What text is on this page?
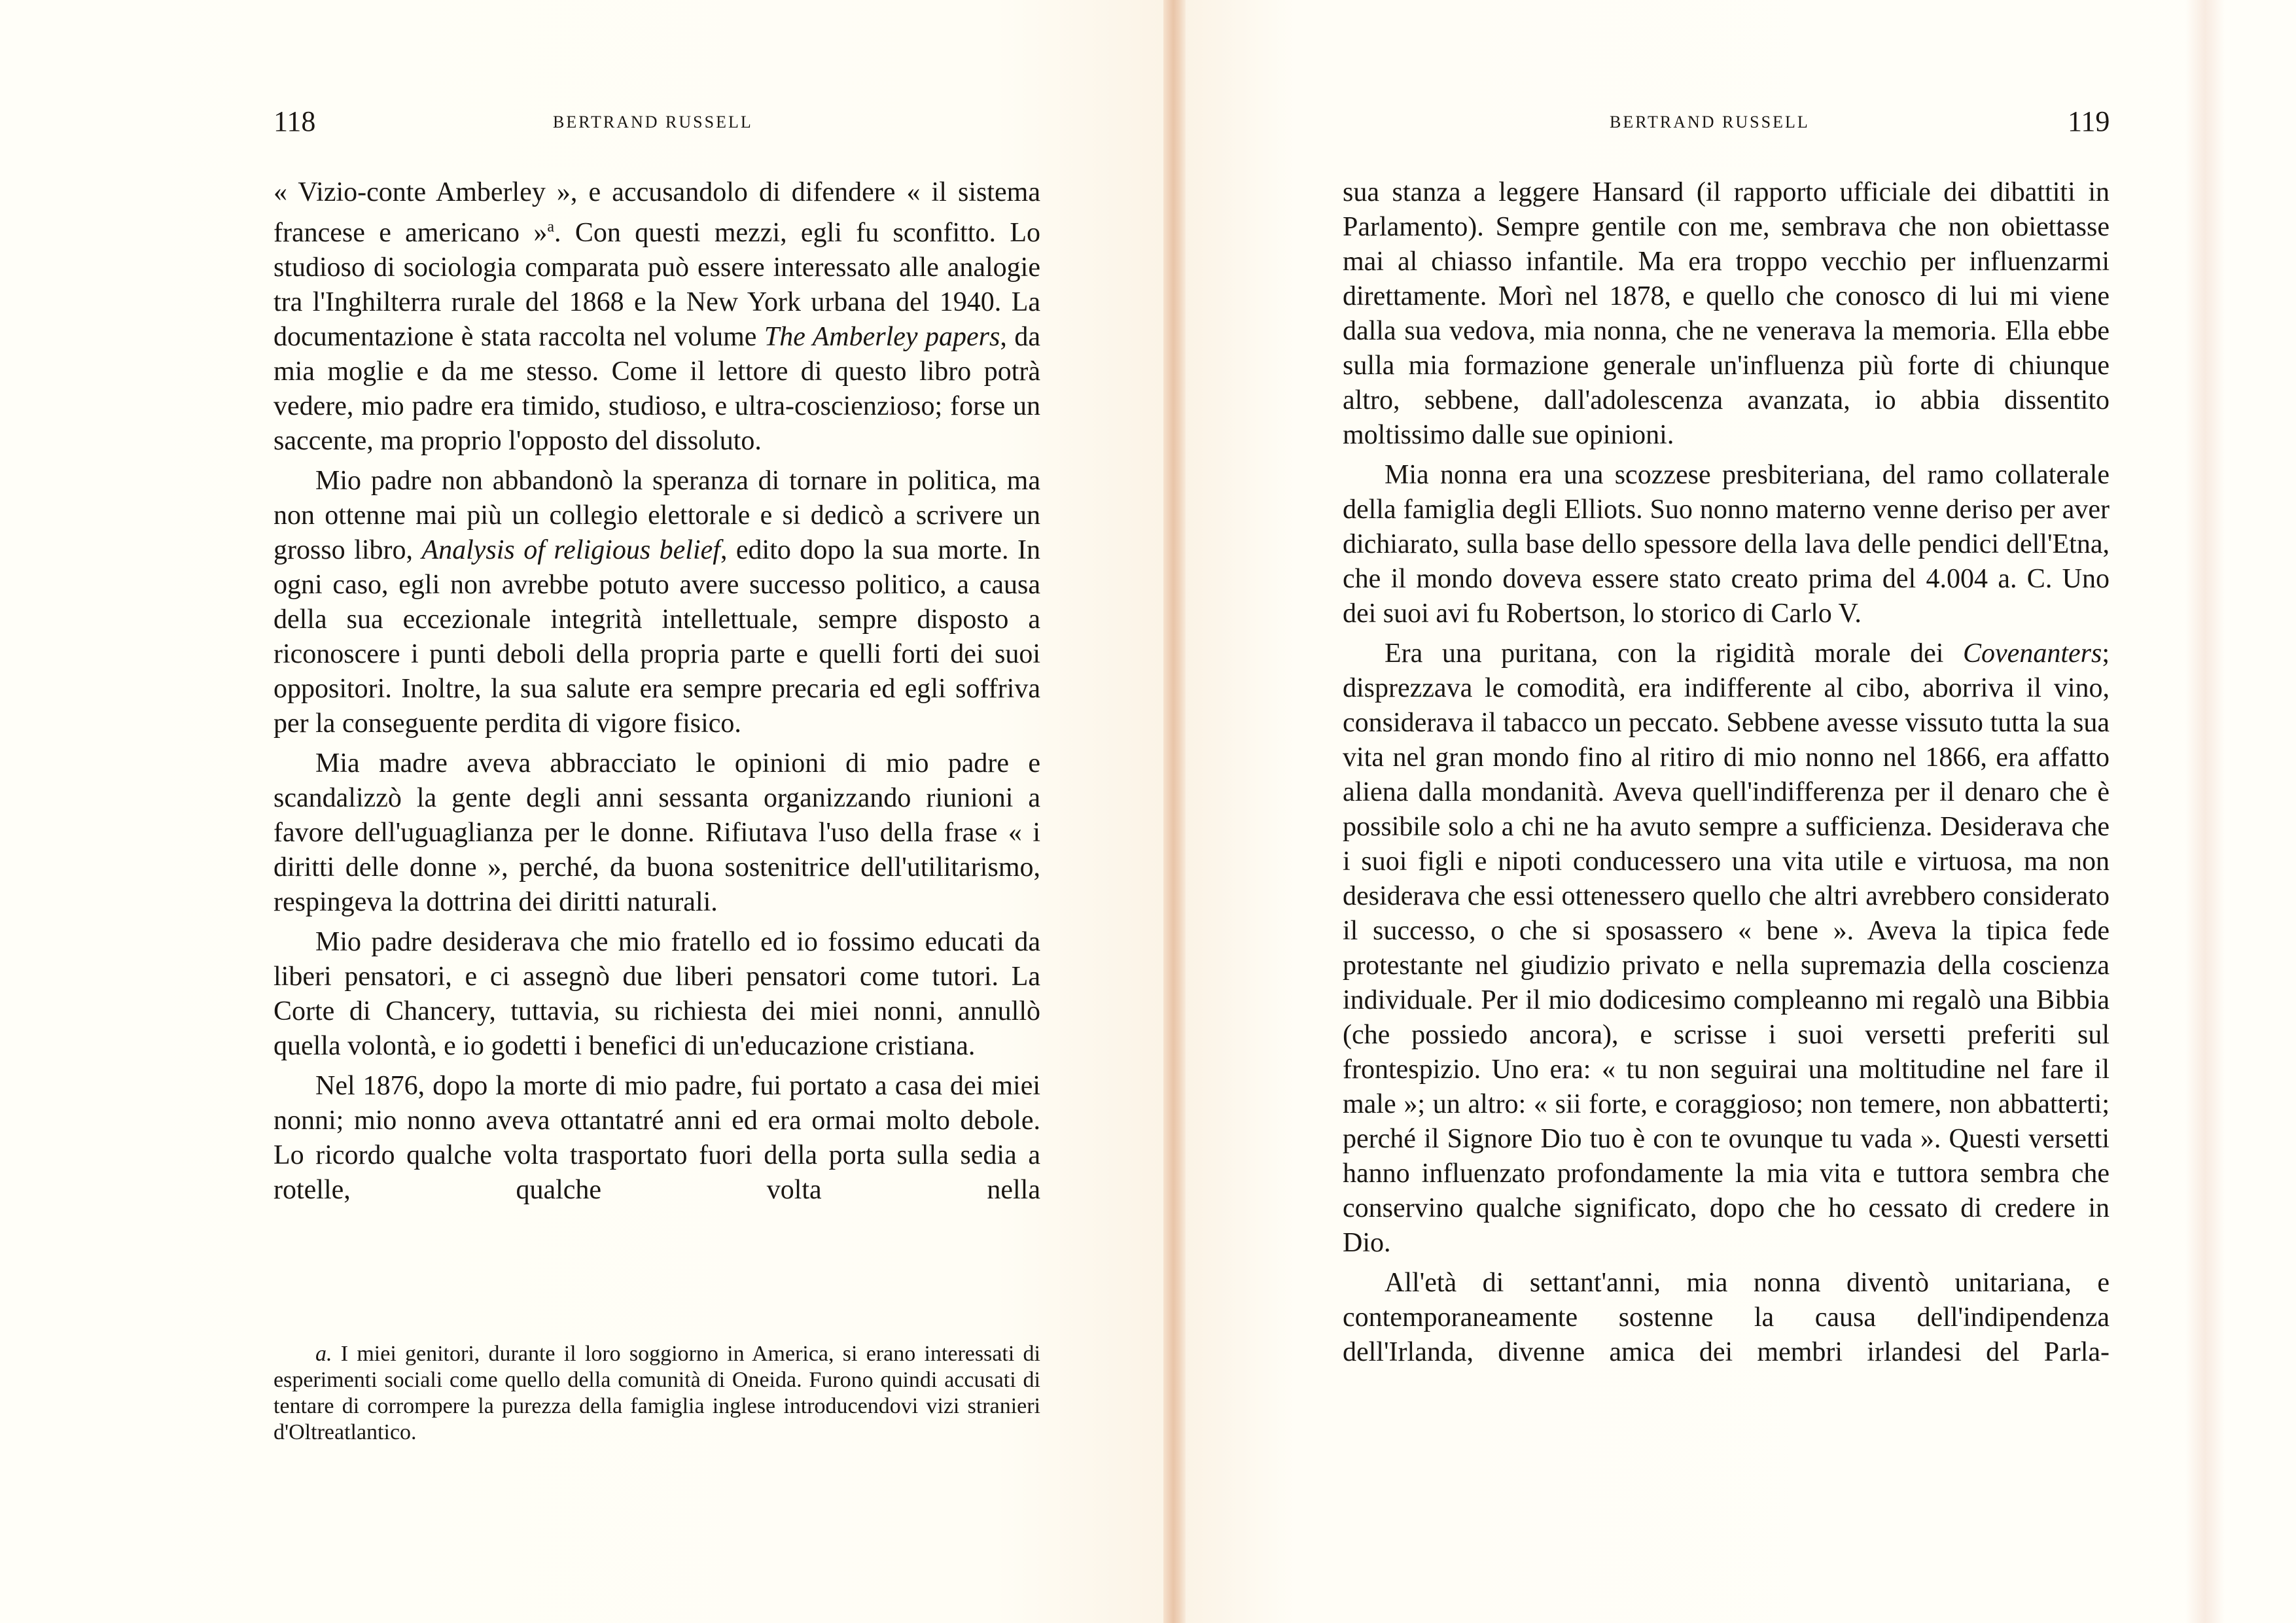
118	BERTRAND RUSSELL

« Vizio-conte Amberley », e accusandolo di difendere « il sistema francese e americano »$^a$. Con questi mezzi, egli fu sconfitto. Lo studioso di sociologia comparata può essere interessato alle analogie tra l'Inghilterra rurale del 1868 e la New York urbana del 1940. La documentazione è stata raccolta nel volume The Amberley papers, da mia moglie e da me stesso. Come il lettore di questo libro potrà vedere, mio padre era timido, studioso, e ultra-coscienzioso; forse un saccente, ma proprio l'opposto del dissoluto.

Mio padre non abbandonò la speranza di tornare in politica, ma non ottenne mai più un collegio elettorale e si dedicò a scrivere un grosso libro, Analysis of religious belief, edito dopo la sua morte. In ogni caso, egli non avrebbe potuto avere successo politico, a causa della sua eccezionale integrità intellettuale, sempre disposto a riconoscere i punti deboli della propria parte e quelli forti dei suoi oppositori. Inoltre, la sua salute era sempre precaria ed egli soffriva per la conseguente perdita di vigore fisico.

Mia madre aveva abbracciato le opinioni di mio padre e scandalizzò la gente degli anni sessanta organizzando riunioni a favore dell'uguaglianza per le donne. Rifiutava l'uso della frase « i diritti delle donne », perché, da buona sostenitrice dell'utilitarismo, respingeva la dottrina dei diritti naturali.

Mio padre desiderava che mio fratello ed io fossimo educati da liberi pensatori, e ci assegnò due liberi pensatori come tutori. La Corte di Chancery, tuttavia, su richiesta dei miei nonni, annullò quella volontà, e io godetti i benefici di un'educazione cristiana.

Nel 1876, dopo la morte di mio padre, fui portato a casa dei miei nonni; mio nonno aveva ottantatré anni ed era ormai molto debole. Lo ricordo qualche volta trasportato fuori della porta sulla sedia a rotelle, qualche volta nella

a. I miei genitori, durante il loro soggiorno in America, si erano interessati di esperimenti sociali come quello della comunità di Oneida. Furono quindi accusati di tentare di corrompere la purezza della famiglia inglese introducendovi vizi stranieri d'Oltreatlantico.

BERTRAND RUSSELL	119

sua stanza a leggere Hansard (il rapporto ufficiale dei dibattiti in Parlamento). Sempre gentile con me, sembrava che non obiettasse mai al chiasso infantile. Ma era troppo vecchio per influenzarmi direttamente. Morì nel 1878, e quello che conosco di lui mi viene dalla sua vedova, mia nonna, che ne venerava la memoria. Ella ebbe sulla mia formazione generale un'influenza più forte di chiunque altro, sebbene, dall'adolescenza avanzata, io abbia dissentito moltissimo dalle sue opinioni.

Mia nonna era una scozzese presbiteriana, del ramo collaterale della famiglia degli Elliots. Suo nonno materno venne deriso per aver dichiarato, sulla base dello spessore della lava delle pendici dell'Etna, che il mondo doveva essere stato creato prima del 4.004 a. C. Uno dei suoi avi fu Robertson, lo storico di Carlo V.

Era una puritana, con la rigidità morale dei Covenanters; disprezzava le comodità, era indifferente al cibo, aborriva il vino, considerava il tabacco un peccato. Sebbene avesse vissuto tutta la sua vita nel gran mondo fino al ritiro di mio nonno nel 1866, era affatto aliena dalla mondanità. Aveva quell'indifferenza per il denaro che è possibile solo a chi ne ha avuto sempre a sufficienza. Desiderava che i suoi figli e nipoti conducessero una vita utile e virtuosa, ma non desiderava che essi ottenessero quello che altri avrebbero considerato il successo, o che si sposassero « bene ». Aveva la tipica fede protestante nel giudizio privato e nella supremazia della coscienza individuale. Per il mio dodicesimo compleanno mi regalò una Bibbia (che possiedo ancora), e scrisse i suoi versetti preferiti sul frontespizio. Uno era: « tu non seguirai una moltitudine nel fare il male »; un altro: « sii forte, e coraggioso; non temere, non abbatterti; perché il Signore Dio tuo è con te ovunque tu vada ». Questi versetti hanno influenzato profondamente la mia vita e tuttora sembra che conservino qualche significato, dopo che ho cessato di credere in Dio.

All'età di settant'anni, mia nonna diventò unitariana, e contemporaneamente sostenne la causa dell'indipendenza dell'Irlanda, divenne amica dei membri irlandesi del Parla-
